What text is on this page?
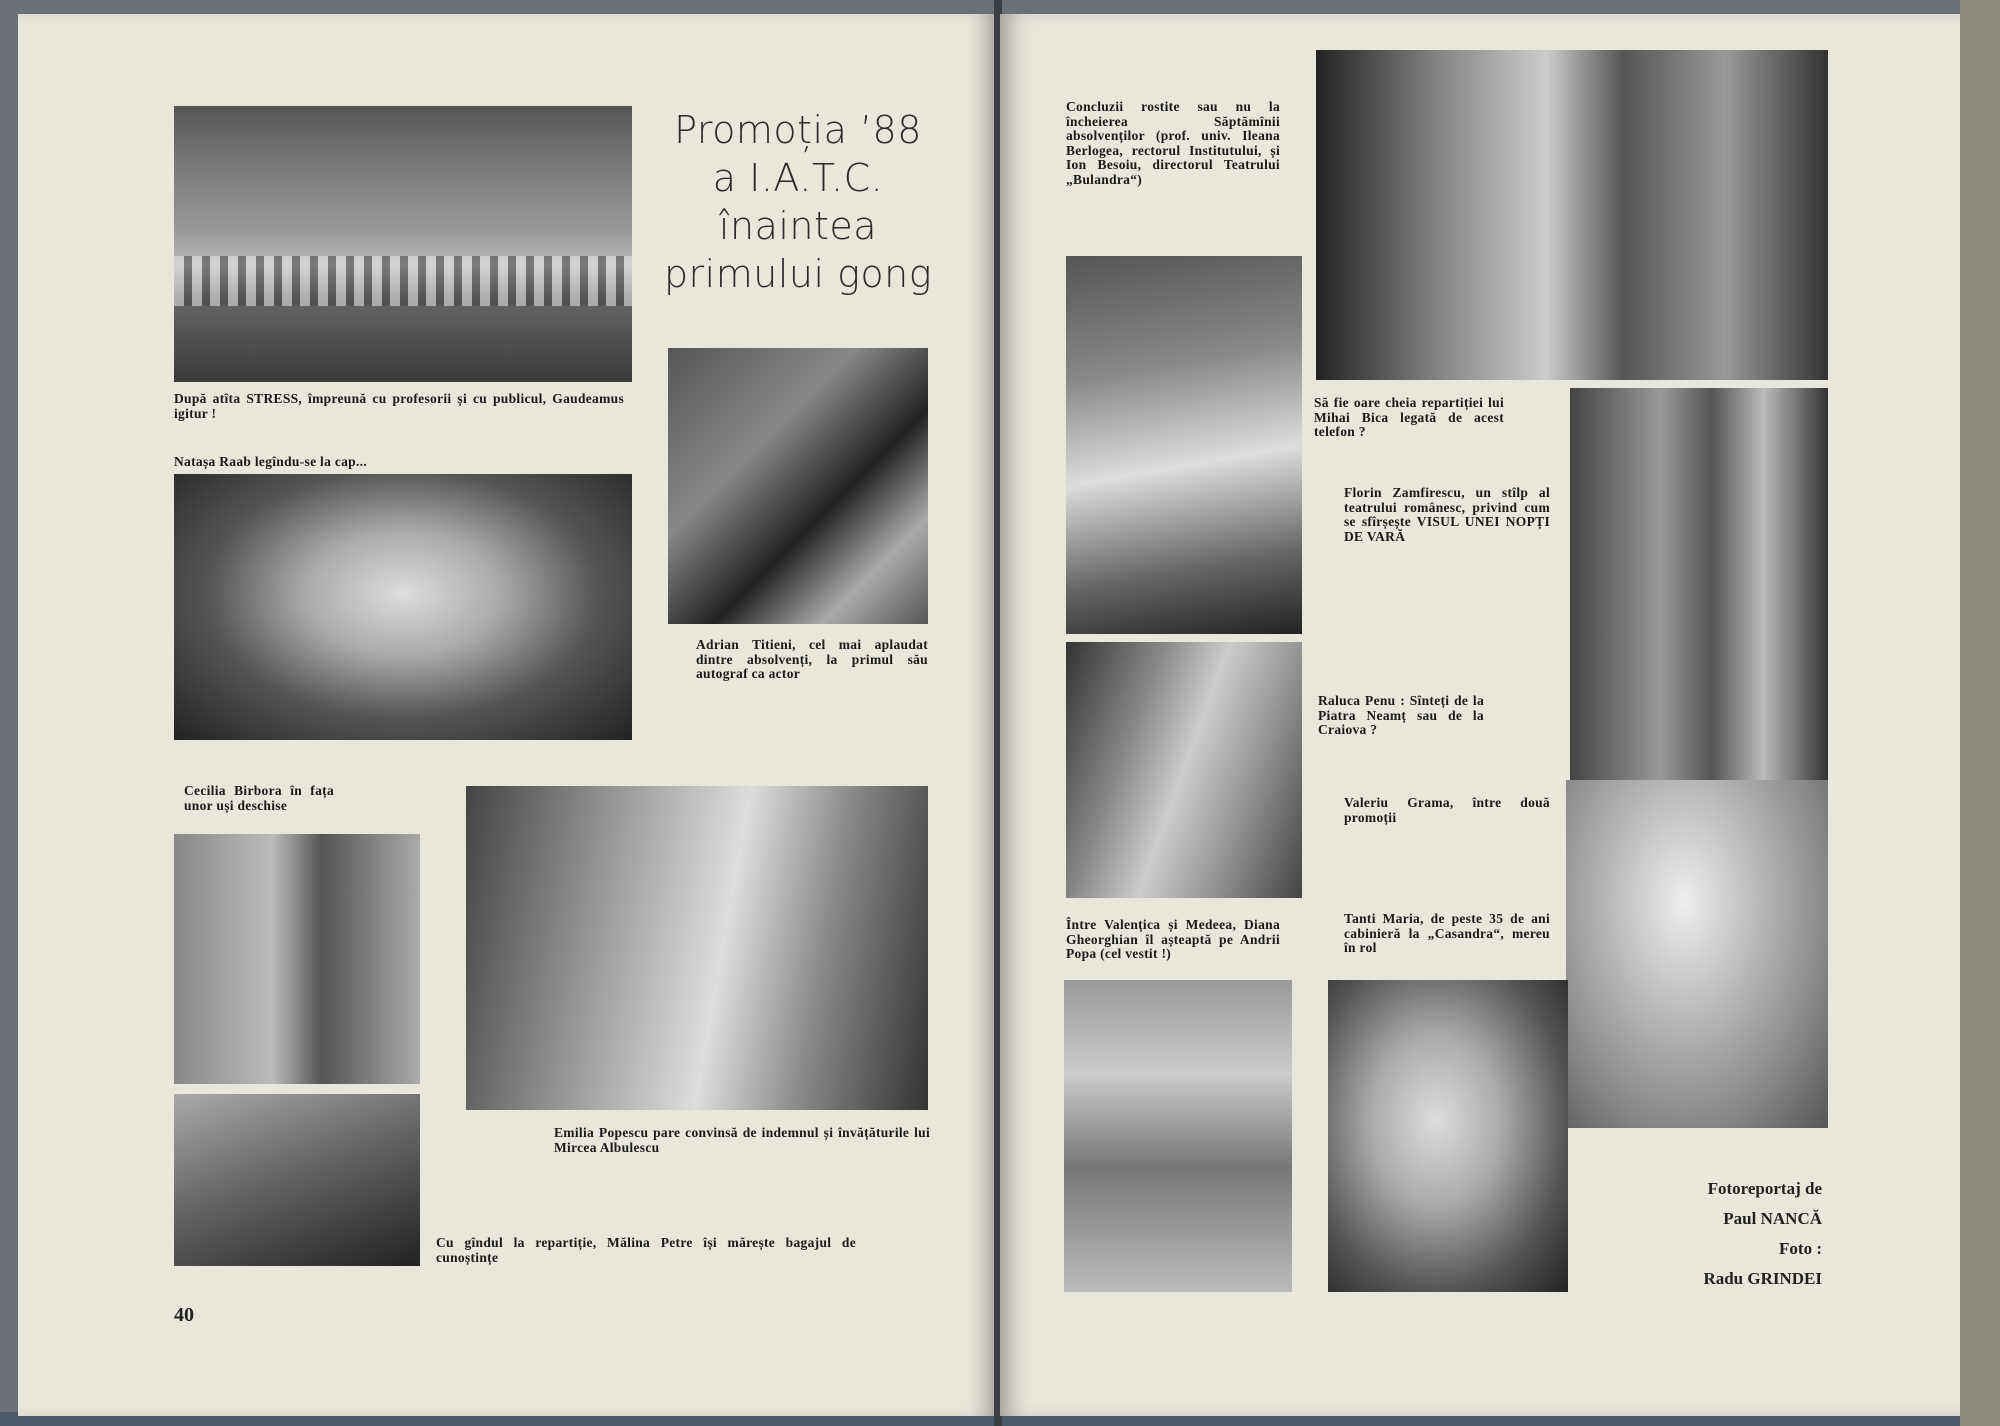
După atîta STRESS, împreună cu profesorii și cu publicul, Gaudeamus igitur !
Promoția ’88
a I.A.T.C.
înaintea
primului gong
Natașa Raab legîndu-se la cap...
Adrian Titieni, cel mai aplaudat dintre absolvenți, la primul său autograf ca actor
Cecilia Birbora în fața unor uși deschise
Emilia Popescu pare convinsă de indemnul și învățăturile lui Mircea Albulescu
Cu gîndul la repartiție, Mălina Petre își mărește bagajul de cunoștințe
40
Concluzii rostite sau nu la încheierea Săptămînii absolvenților (prof. univ. Ileana Berlogea, rectorul Institutului, și Ion Besoiu, directorul Teatrului „Bulandra“)
Să fie oare cheia repartiției lui Mihai Bica legată de acest telefon ?
Florin Zamfirescu, un stîlp al teatrului românesc, privind cum se sfîrșește VISUL UNEI NOPȚI DE VARĂ
Raluca Penu : Sînteți de la Piatra Neamț sau de la Craiova ?
Valeriu Grama, între două promoții
Între Valențica și Medeea, Diana Gheorghian îl așteaptă pe Andrii Popa (cel vestit !)
Tanti Maria, de peste 35 de ani cabinieră la „Casandra“, mereu în rol
Fotoreportaj de
Paul NANCĂ
Foto :
Radu GRINDEI
